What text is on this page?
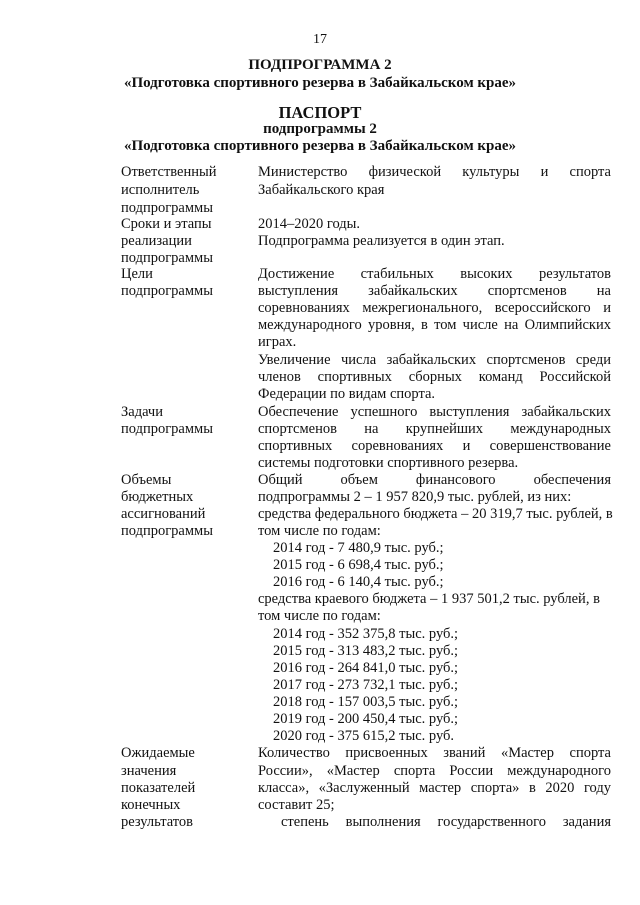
17
ПОДПРОГРАММА 2
«Подготовка спортивного резерва в Забайкальском крае»
ПАСПОРТ
подпрограммы 2
«Подготовка спортивного резерва в Забайкальском крае»
Ответственный
исполнитель
подпрограммы
Министерство физической культуры и спорта
Забайкальского края
Сроки и этапы
реализации
подпрограммы
2014–2020 годы.
Подпрограмма реализуется в один этап.
Цели
подпрограммы
Достижение стабильных высоких результатов
выступления забайкальских спортсменов на
соревнованиях межрегионального, всероссийского и
международного уровня, в том числе на Олимпийских
играх.
Увеличение числа забайкальских спортсменов среди
членов спортивных сборных команд Российской
Федерации по видам спорта.
Задачи
подпрограммы
Обеспечение успешного выступления забайкальских
спортсменов на крупнейших международных
спортивных соревнованиях и совершенствование
системы подготовки спортивного резерва.
Объемы
бюджетных
ассигнований
подпрограммы
Общий объем финансового обеспечения
подпрограммы 2 – 1 957 820,9 тыс. рублей, из них:
средства федерального бюджета – 20 319,7 тыс. рублей, в
том числе по годам:
2014 год - 7 480,9 тыс. руб.;
2015 год - 6 698,4 тыс. руб.;
2016 год - 6 140,4 тыс. руб.;
средства краевого бюджета – 1 937 501,2 тыс. рублей, в
том числе по годам:
2014 год - 352 375,8 тыс. руб.;
2015 год - 313 483,2 тыс. руб.;
2016 год - 264 841,0 тыс. руб.;
2017 год - 273 732,1 тыс. руб.;
2018 год - 157 003,5 тыс. руб.;
2019 год - 200 450,4 тыс. руб.;
2020 год - 375 615,2 тыс. руб.
Ожидаемые
значения
показателей
конечных
результатов
Количество присвоенных званий «Мастер спорта
России», «Мастер спорта России международного
класса», «Заслуженный мастер спорта» в 2020 году
составит 25;
степень выполнения государственного задания
